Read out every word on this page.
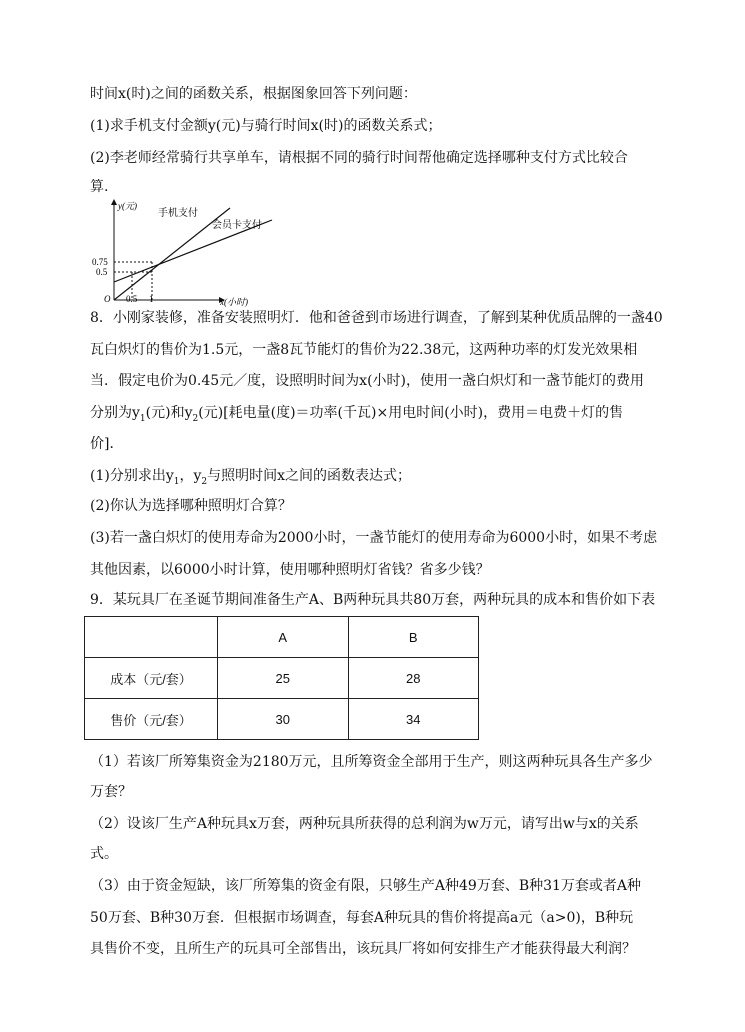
时间x(时)之间的函数关系，根据图象回答下列问题：
(1)求手机支付金额y(元)与骑行时间x(时)的函数关系式；
(2)李老师经常骑行共享单车，请根据不同的骑行时间帮他确定选择哪种支付方式比较合
算.
y(元)
x(小时)
O 0.5 1
0.75
0.5
手机支付
会员卡支付
8．小刚家装修，准备安装照明灯．他和爸爸到市场进行调查，了解到某种优质品牌的一盏40
瓦白炽灯的售价为1.5元，一盏8瓦节能灯的售价为22.38元，这两种功率的灯发光效果相
当．假定电价为0.45元／度，设照明时间为x(小时)，使用一盏白炽灯和一盏节能灯的费用
分别为$y_1$(元)和$y_2$(元)[耗电量(度)＝功率(千瓦)×用电时间(小时)，费用＝电费＋灯的售
价]．
(1)分别求出$y_1$，$y_2$与照明时间x之间的函数表达式；
(2)你认为选择哪种照明灯合算？
(3)若一盏白炽灯的使用寿命为2000小时，一盏节能灯的使用寿命为6000小时，如果不考虑
其他因素，以6000小时计算，使用哪种照明灯省钱？省多少钱？
9．某玩具厂在圣诞节期间准备生产A、B两种玩具共80万套，两种玩具的成本和售价如下表
	A	B
成本（元/套）	25	28
售价（元/套）	30	34
（1）若该厂所筹集资金为2180万元，且所筹资金全部用于生产，则这两种玩具各生产多少
万套？
（2）设该厂生产A种玩具x万套，两种玩具所获得的总利润为w万元，请写出w与x的关系
式。
（3）由于资金短缺，该厂所筹集的资金有限，只够生产A种49万套、B种31万套或者A种
50万套、B种30万套．但根据市场调查，每套A种玩具的售价将提高a元（a>0)，B种玩
具售价不变，且所生产的玩具可全部售出，该玩具厂将如何安排生产才能获得最大利润？
